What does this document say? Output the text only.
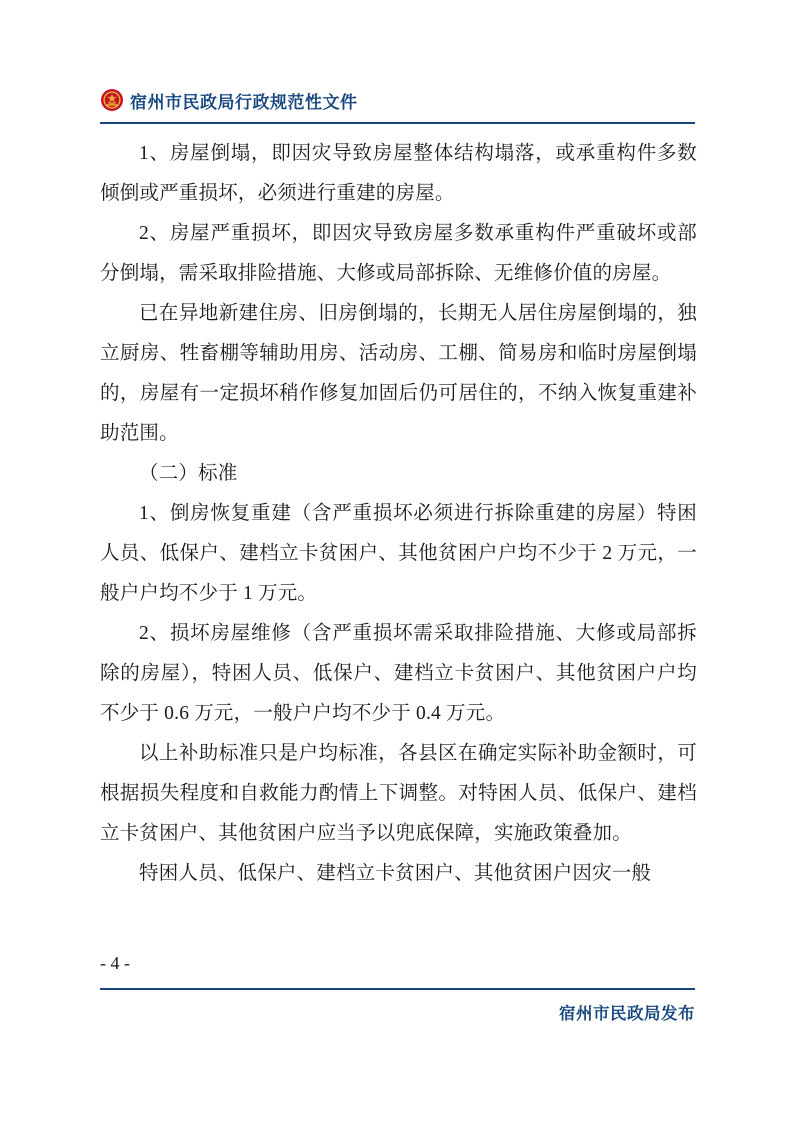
宿州市民政局行政规范性文件

1、房屋倒塌，即因灾导致房屋整体结构塌落，或承重构件多数倾倒或严重损坏，必须进行重建的房屋。

2、房屋严重损坏，即因灾导致房屋多数承重构件严重破坏或部分倒塌，需采取排险措施、大修或局部拆除、无维修价值的房屋。

已在异地新建住房、旧房倒塌的，长期无人居住房屋倒塌的，独立厨房、牲畜棚等辅助用房、活动房、工棚、简易房和临时房屋倒塌的，房屋有一定损坏稍作修复加固后仍可居住的，不纳入恢复重建补助范围。

（二）标准

1、倒房恢复重建（含严重损坏必须进行拆除重建的房屋）特困人员、低保户、建档立卡贫困户、其他贫困户户均不少于 2 万元，一般户户均不少于 1 万元。

2、损坏房屋维修（含严重损坏需采取排险措施、大修或局部拆除的房屋），特困人员、低保户、建档立卡贫困户、其他贫困户户均不少于 0.6 万元，一般户户均不少于 0.4 万元。

以上补助标准只是户均标准，各县区在确定实际补助金额时，可根据损失程度和自救能力酌情上下调整。对特困人员、低保户、建档立卡贫困户、其他贫困户应当予以兜底保障，实施政策叠加。

特困人员、低保户、建档立卡贫困户、其他贫困户因灾一般

- 4 -
宿州市民政局发布
